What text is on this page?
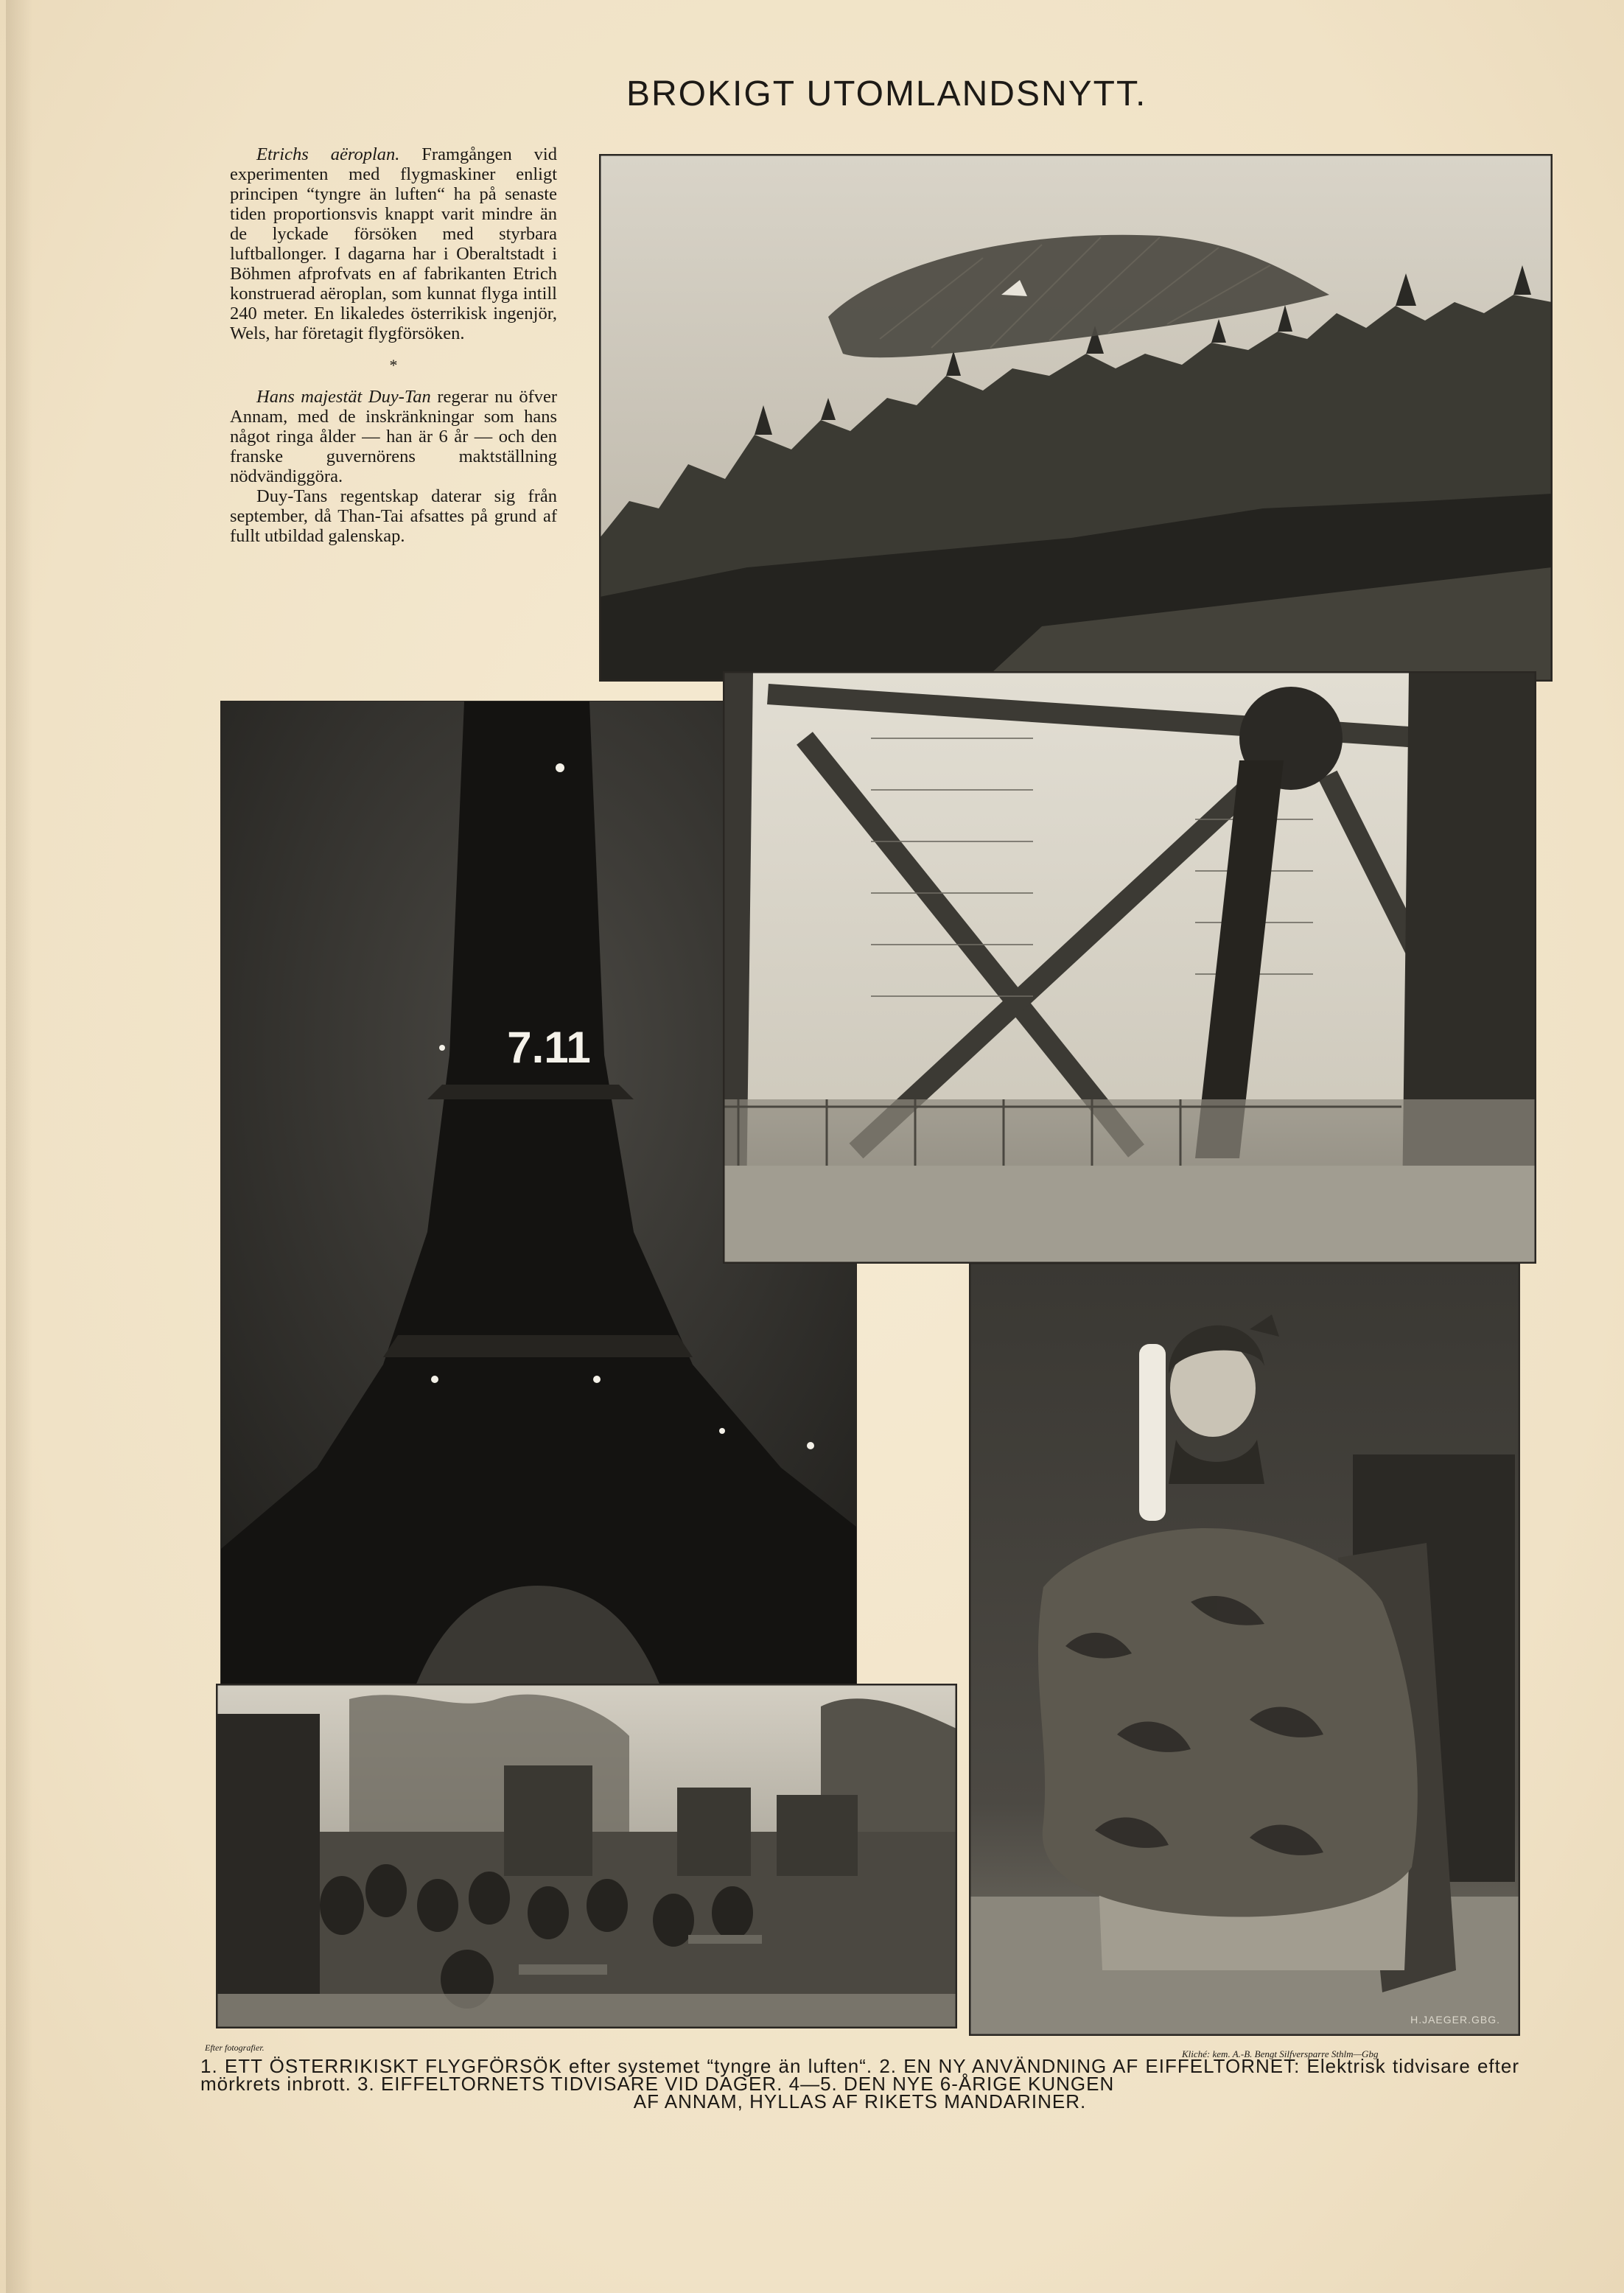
BROKIGT UTOMLANDSNYTT.

Etrichs aëroplan. Framgången vid experimenten med flygmaskiner enligt principen “tyngre än luften“ ha på senaste tiden proportionsvis knappt varit mindre än de lyckade försöken med styrbara luftballonger. I dagarna har i Oberaltstadt i Böhmen afprofvats en af fabrikanten Etrich konstruerad aëroplan, som kunnat flyga intill 240 meter. En likaledes österrikisk ingenjör, Wels, har företagit flygförsöken.

*

Hans majestät Duy-Tan regerar nu öfver Annam, med de inskränkningar som hans något ringa ålder — han är 6 år — och den franske guvernörens maktställning nödvändiggöra.

Duy-Tans regentskap daterar sig från september, då Than-Tai afsattes på grund af fullt utbildad galenskap.

7.11
H.JAEGER.GBG.
Efter fotografier.
Kliché: kem. A.-B. Bengt Silfversparre Sthlm—Gbg
1. ETT ÖSTERRIKISKT FLYGFÖRSÖK efter systemet “tyngre än luften“. 2. EN NY ANVÄNDNING AF EIFFELTORNET: Elektrisk tidvisare efter mörkrets inbrott. 3. EIFFELTORNETS TIDVISARE VID DAGER. 4—5. DEN NYE 6-ÅRIGE KUNGEN
AF ANNAM, HYLLAS AF RIKETS MANDARINER.
